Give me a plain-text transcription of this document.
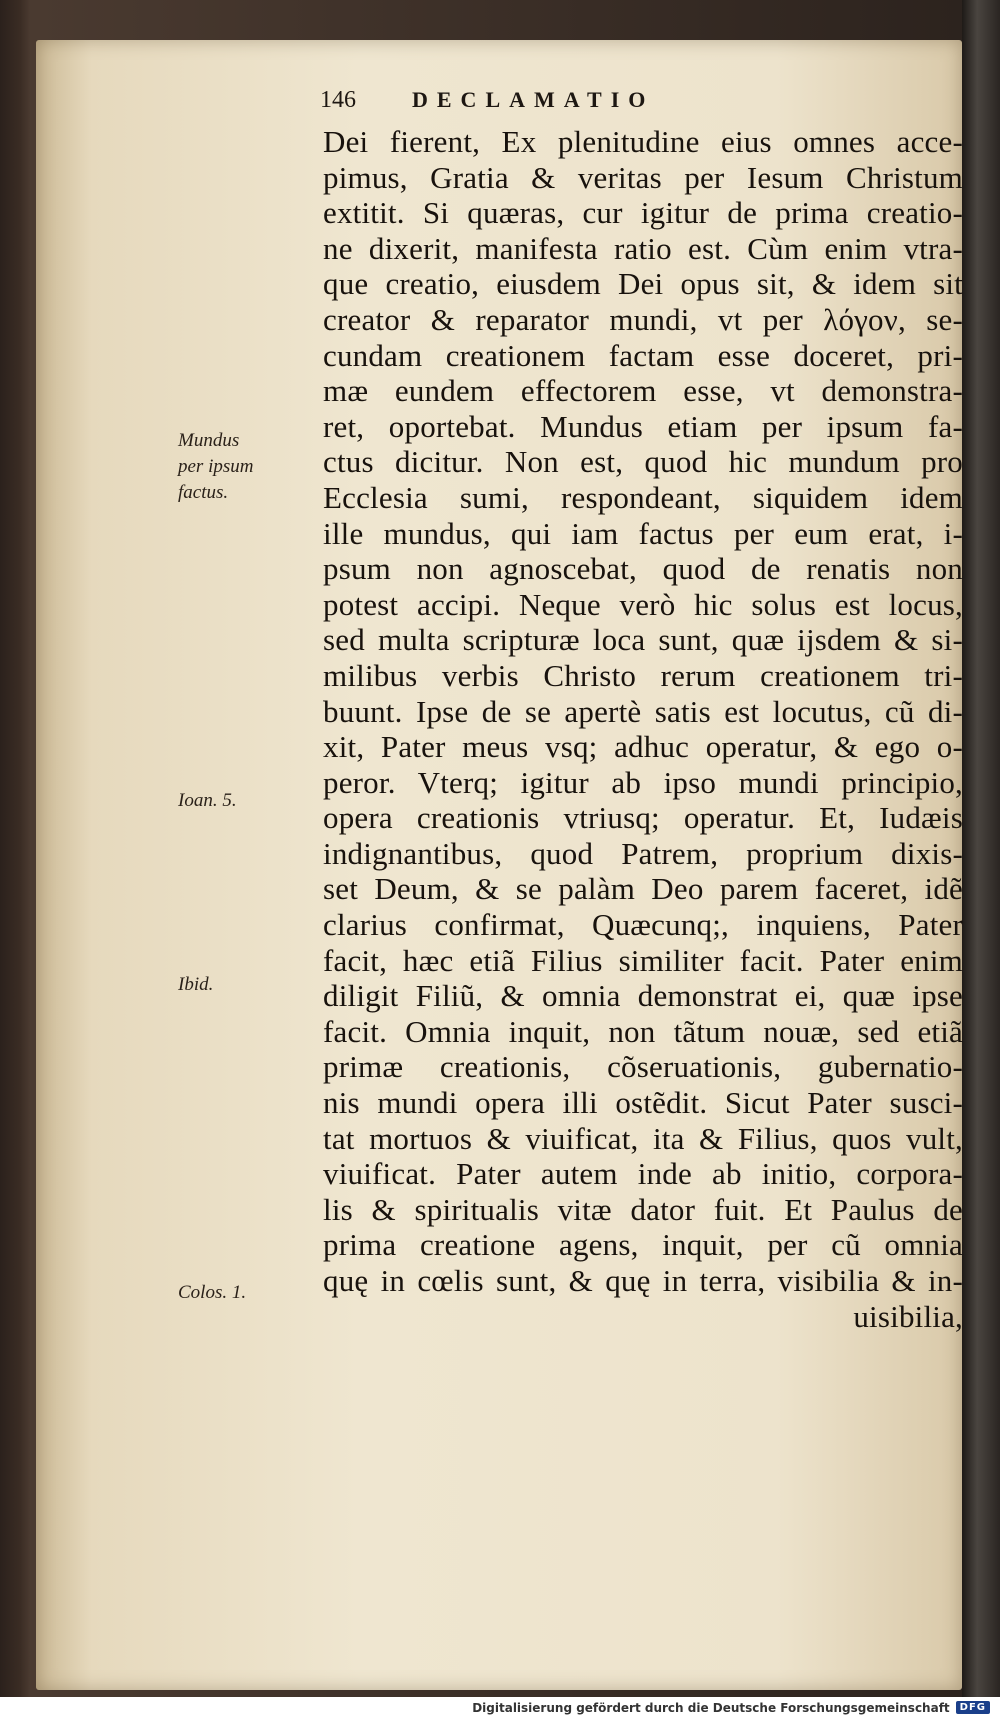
146	DECLAMATIO
Dei fierent, Ex plenitudine eius omnes acce-
pimus, Gratia & veritas per Iesum Christum
extitit. Si quæras, cur igitur de prima creatio-
ne dixerit, manifesta ratio est. Cùm enim vtra-
que creatio, eiusdem Dei opus sit, & idem sit
creator & reparator mundi, vt per λόγον, se-
cundam creationem factam esse doceret, pri-
mæ eundem effectorem esse, vt demonstra-
ret, oportebat. Mundus etiam per ipsum fa-
ctus dicitur. Non est, quod hic mundum pro
Ecclesia sumi, respondeant, siquidem idem
ille mundus, qui iam factus per eum erat, i-
psum non agnoscebat, quod de renatis non
potest accipi. Neque verò hic solus est locus,
sed multa scripturæ loca sunt, quæ ijsdem & si-
milibus verbis Christo rerum creationem tri-
buunt. Ipse de se apertè satis est locutus, cũ di-
xit, Pater meus vsq; adhuc operatur, & ego o-
peror. Vterq; igitur ab ipso mundi principio,
opera creationis vtriusq; operatur. Et, Iudæis
indignantibus, quod Patrem, proprium dixis-
set Deum, & se palàm Deo parem faceret, idẽ
clarius confirmat, Quæcunq;, inquiens, Pater
facit, hæc etiã Filius similiter facit. Pater enim
diligit Filiũ, & omnia demonstrat ei, quæ ipse
facit. Omnia inquit, non tãtum nouæ, sed etiã
primæ creationis, cõseruationis, gubernatio-
nis mundi opera illi ostẽdit. Sicut Pater susci-
tat mortuos & viuificat, ita & Filius, quos vult,
viuificat. Pater autem inde ab initio, corpora-
lis & spiritualis vitæ dator fuit. Et Paulus de
prima creatione agens, inquit, per cũ omnia
quę in cœlis sunt, & quę in terra, visibilia & in-
uisibilia,
Mundus
per ipsum
factus.
Ioan. 5.
Ibid.
Colos. 1.
Digitalisierung gefördert durch die Deutsche Forschungsgemeinschaft	DFG
